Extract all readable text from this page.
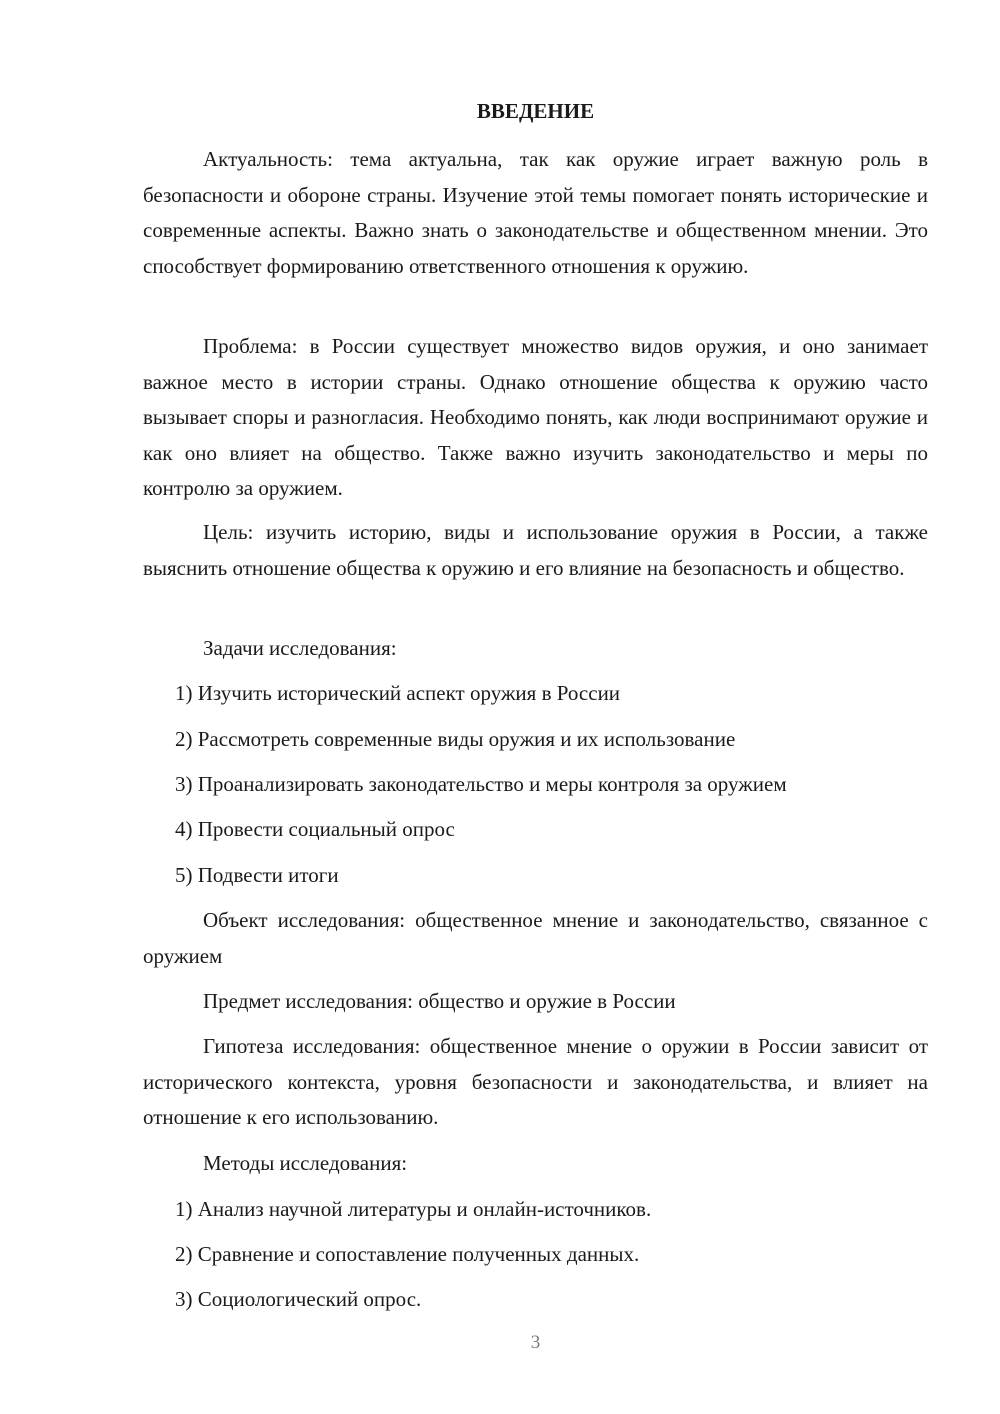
ВВЕДЕНИЕ

Актуальность: тема актуальна, так как оружие играет важную роль в безопасности и обороне страны. Изучение этой темы помогает понять исторические и современные аспекты. Важно знать о законодательстве и общественном мнении. Это способствует формированию ответственного отношения к оружию.

Проблема: в России существует множество видов оружия, и оно занимает важное место в истории страны. Однако отношение общества к оружию часто вызывает споры и разногласия. Необходимо понять, как люди воспринимают оружие и как оно влияет на общество. Также важно изучить законодательство и меры по контролю за оружием.

Цель: изучить историю, виды и использование оружия в России, а также выяснить отношение общества к оружию и его влияние на безопасность и общество.

Задачи исследования:

1) Изучить исторический аспект оружия в России

2) Рассмотреть современные виды оружия и их использование

3) Проанализировать законодательство и меры контроля за оружием

4) Провести социальный опрос

5) Подвести итоги

Объект исследования: общественное мнение и законодательство, связанное с оружием

Предмет исследования: общество и оружие в России

Гипотеза исследования: общественное мнение о оружии в России зависит от исторического контекста, уровня безопасности и законодательства, и влияет на отношение к его использованию.

Методы исследования:

1) Анализ научной литературы и онлайн-источников.

2) Сравнение и сопоставление полученных данных.

3) Социологический опрос.

3
